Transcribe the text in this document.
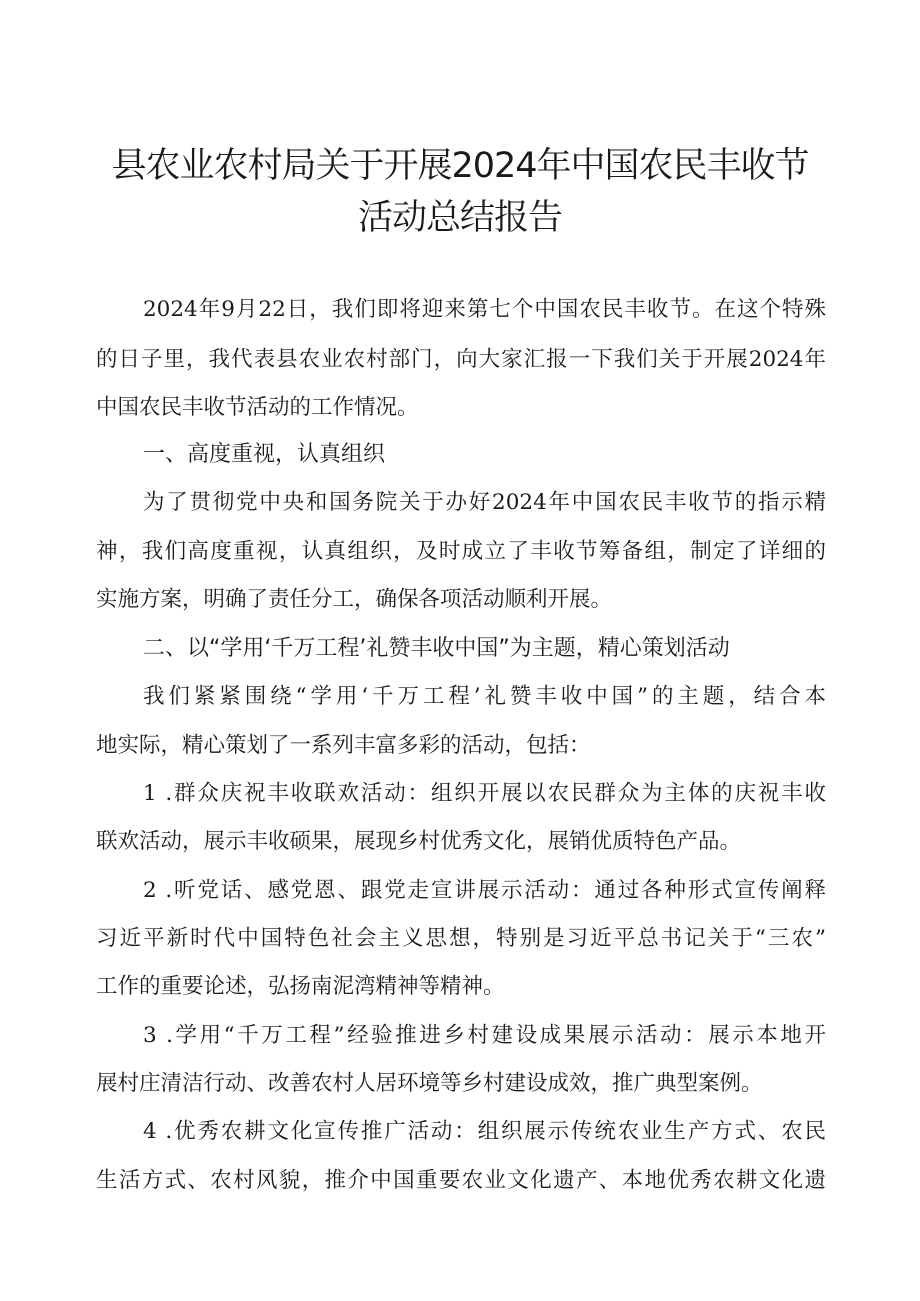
县农业农村局关于开展2024年中国农民丰收节
活动总结报告

2024年9月22日，我们即将迎来第七个中国农民丰收节。在这个特殊

的日子里，我代表县农业农村部门，向大家汇报一下我们关于开展2024年

中国农民丰收节活动的工作情况。

一、高度重视，认真组织

为了贯彻党中央和国务院关于办好2024年中国农民丰收节的指示精

神，我们高度重视，认真组织，及时成立了丰收节筹备组，制定了详细的

实施方案，明确了责任分工，确保各项活动顺利开展。

二、以“学用‘千万工程’礼赞丰收中国”为主题，精心策划活动

我们紧紧围绕“学用‘千万工程’礼赞丰收中国”的主题，结合本

地实际，精心策划了一系列丰富多彩的活动，包括：

1 .群众庆祝丰收联欢活动：组织开展以农民群众为主体的庆祝丰收

联欢活动，展示丰收硕果，展现乡村优秀文化，展销优质特色产品。

2 .听党话、感党恩、跟党走宣讲展示活动：通过各种形式宣传阐释

习近平新时代中国特色社会主义思想，特别是习近平总书记关于“三农”

工作的重要论述，弘扬南泥湾精神等精神。

3 .学用“千万工程”经验推进乡村建设成果展示活动：展示本地开

展村庄清洁行动、改善农村人居环境等乡村建设成效，推广典型案例。

4 .优秀农耕文化宣传推广活动：组织展示传统农业生产方式、农民

生活方式、农村风貌，推介中国重要农业文化遗产、本地优秀农耕文化遗
